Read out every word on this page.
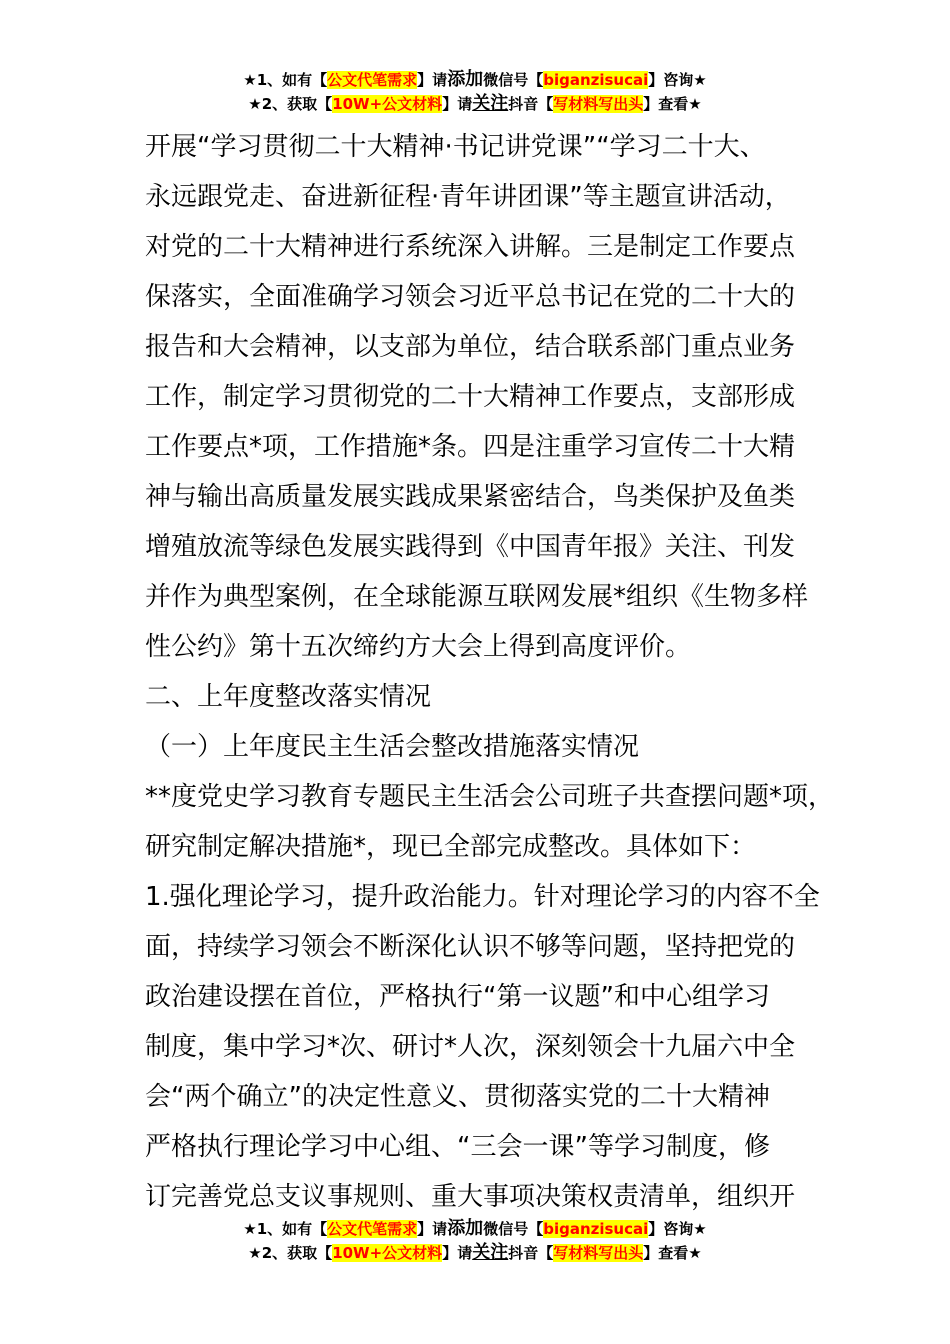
★1、如有【公文代笔需求】请添加微信号【biganzisucai】咨询★
★2、获取【10W+公文材料】请关注抖音【写材料写出头】查看★
开展“学习贯彻二十大精神·书记讲党课”“学习二十大、
永远跟党走、奋进新征程·青年讲团课”等主题宣讲活动，
对党的二十大精神进行系统深入讲解。三是制定工作要点
保落实，全面准确学习领会习近平总书记在党的二十大的
报告和大会精神，以支部为单位，结合联系部门重点业务
工作，制定学习贯彻党的二十大精神工作要点，支部形成
工作要点*项，工作措施*条。四是注重学习宣传二十大精
神与输出高质量发展实践成果紧密结合，鸟类保护及鱼类
增殖放流等绿色发展实践得到《中国青年报》关注、刊发
并作为典型案例，在全球能源互联网发展*组织《生物多样
性公约》第十五次缔约方大会上得到高度评价。
二、上年度整改落实情况
（一）上年度民主生活会整改措施落实情况
**度党史学习教育专题民主生活会公司班子共查摆问题*项，
研究制定解决措施*，现已全部完成整改。具体如下：
1.强化理论学习，提升政治能力。针对理论学习的内容不全
面，持续学习领会不断深化认识不够等问题，坚持把党的
政治建设摆在首位，严格执行“第一议题”和中心组学习
制度，集中学习*次、研讨*人次，深刻领会十九届六中全
会“两个确立”的决定性意义、贯彻落实党的二十大精神
严格执行理论学习中心组、“三会一课”等学习制度，修
订完善党总支议事规则、重大事项决策权责清单，组织开
★1、如有【公文代笔需求】请添加微信号【biganzisucai】咨询★
★2、获取【10W+公文材料】请关注抖音【写材料写出头】查看★
